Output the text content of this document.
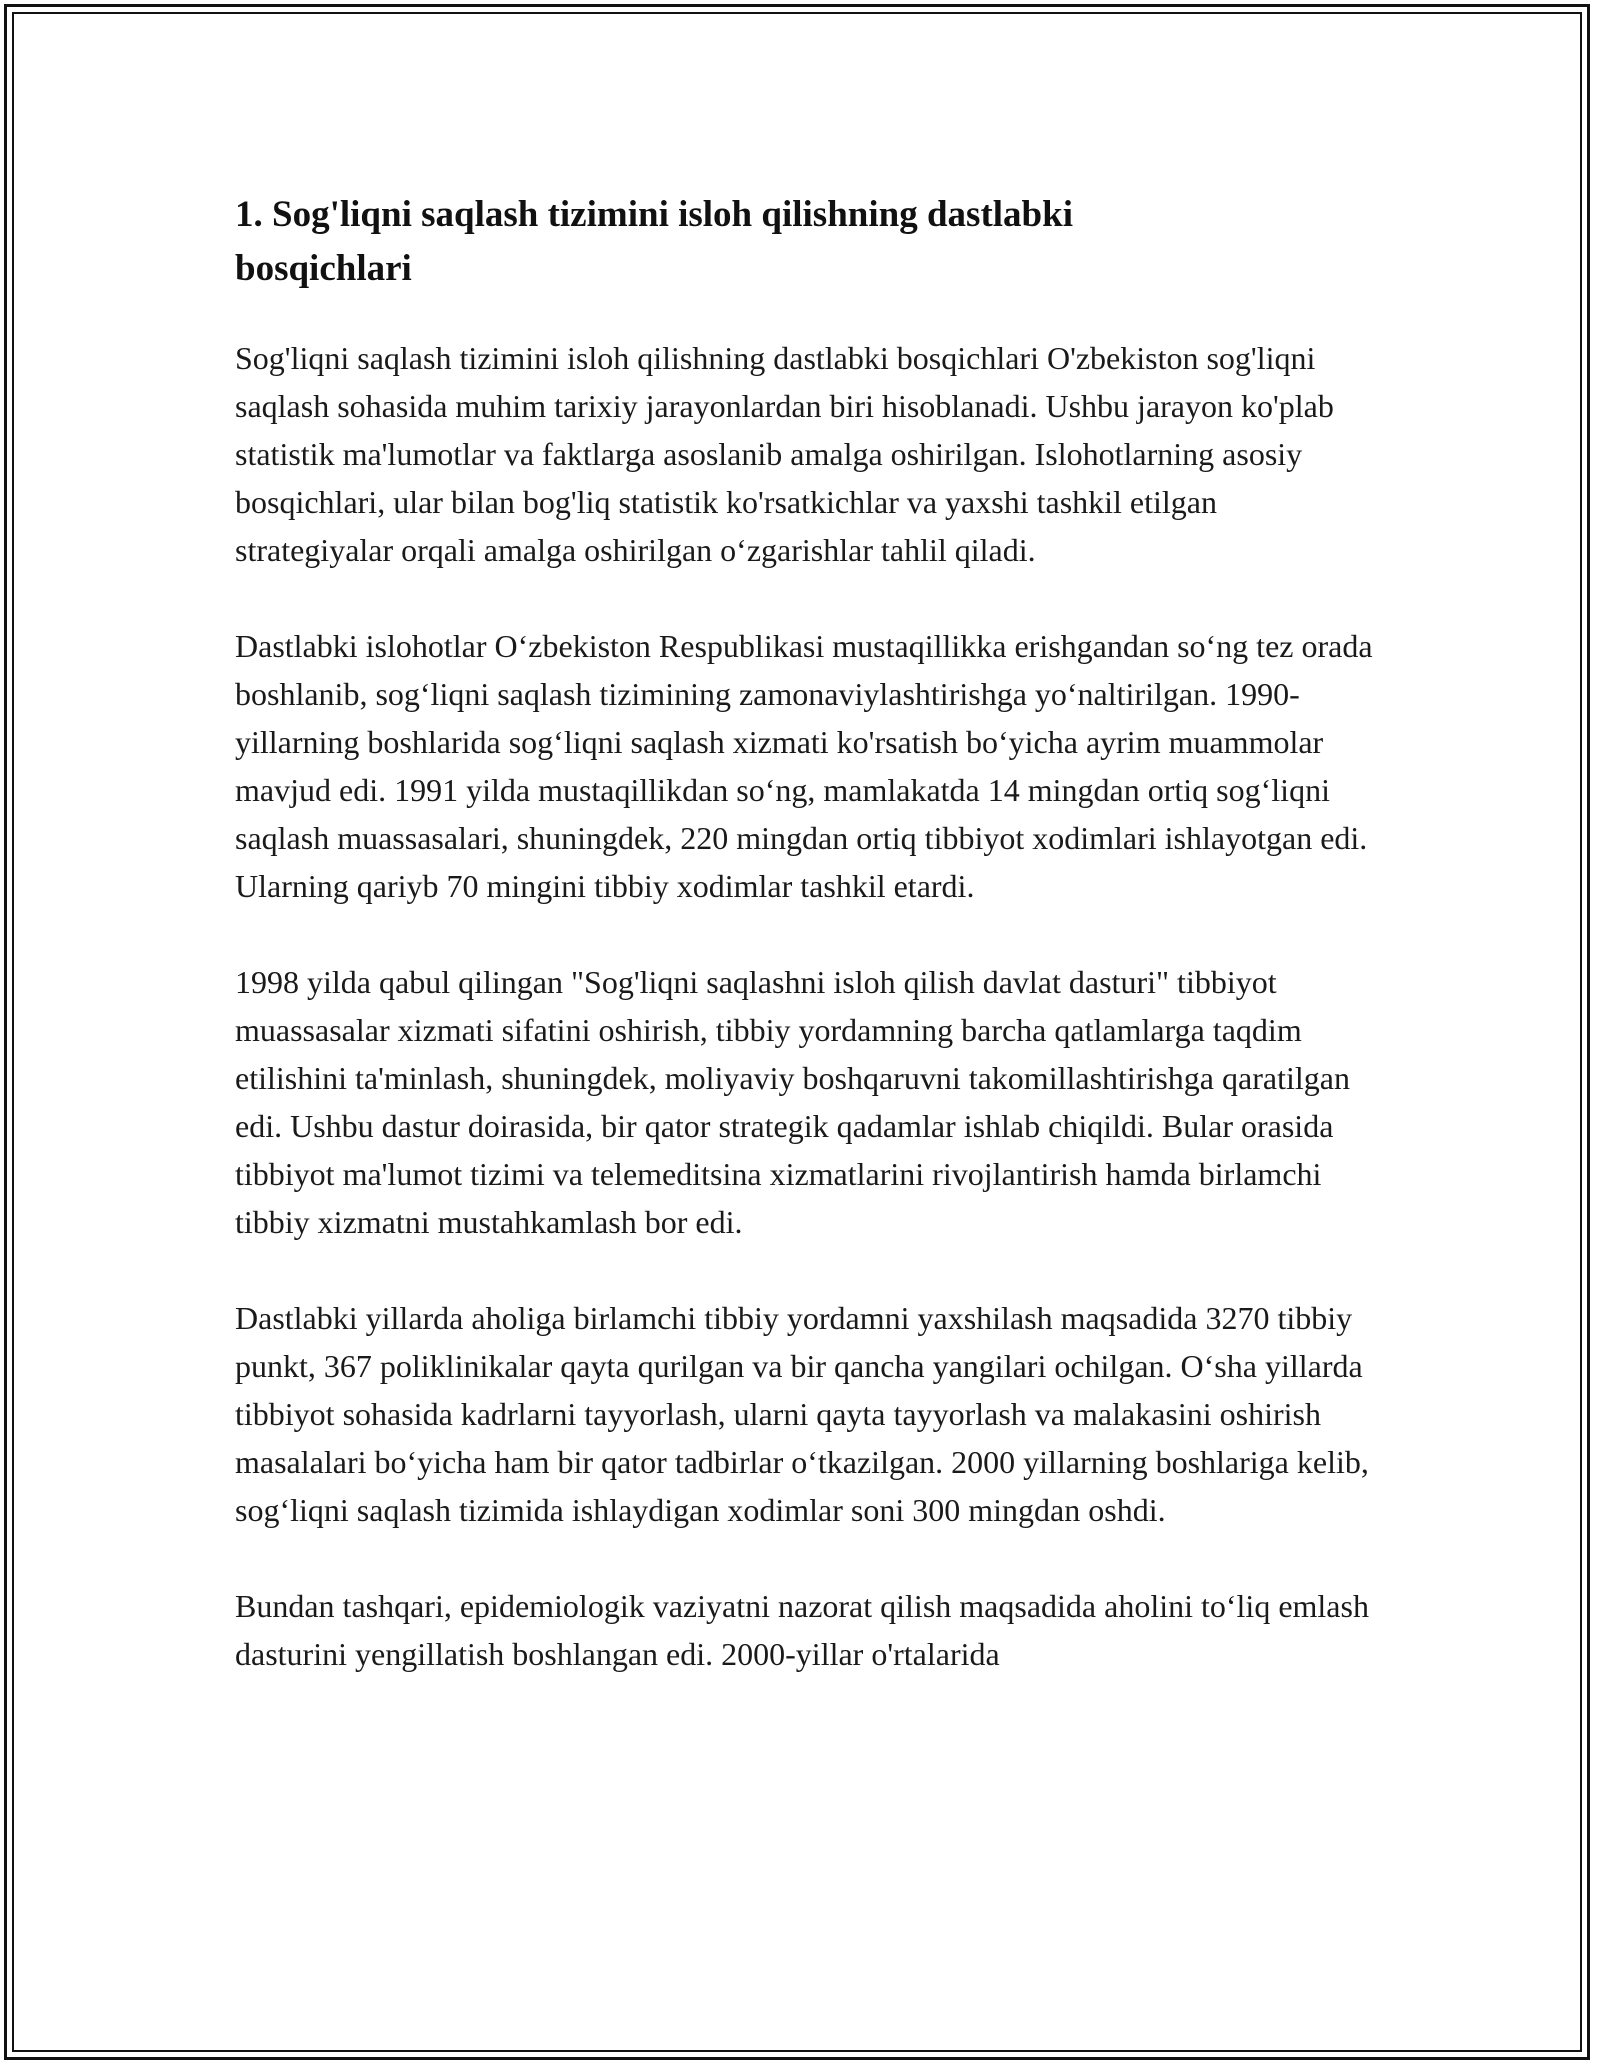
1. Sog'liqni saqlash tizimini isloh qilishning dastlabki bosqichlari

Sog'liqni saqlash tizimini isloh qilishning dastlabki bosqichlari O'zbekiston sog'liqni saqlash sohasida muhim tarixiy jarayonlardan biri hisoblanadi. Ushbu jarayon ko'plab statistik ma'lumotlar va faktlarga asoslanib amalga oshirilgan. Islohotlarning asosiy bosqichlari, ular bilan bog'liq statistik ko'rsatkichlar va yaxshi tashkil etilgan strategiyalar orqali amalga oshirilgan o‘zgarishlar tahlil qiladi.

Dastlabki islohotlar O‘zbekiston Respublikasi mustaqillikka erishgandan so‘ng tez orada boshlanib, sog‘liqni saqlash tizimining zamonaviylashtirishga yo‘naltirilgan. 1990-yillarning boshlarida sog‘liqni saqlash xizmati ko'rsatish bo‘yicha ayrim muammolar mavjud edi. 1991 yilda mustaqillikdan so‘ng, mamlakatda 14 mingdan ortiq sog‘liqni saqlash muassasalari, shuningdek, 220 mingdan ortiq tibbiyot xodimlari ishlayotgan edi. Ularning qariyb 70 mingini tibbiy xodimlar tashkil etardi.

1998 yilda qabul qilingan "Sog'liqni saqlashni isloh qilish davlat dasturi" tibbiyot muassasalar xizmati sifatini oshirish, tibbiy yordamning barcha qatlamlarga taqdim etilishini ta'minlash, shuningdek, moliyaviy boshqaruvni takomillashtirishga qaratilgan edi. Ushbu dastur doirasida, bir qator strategik qadamlar ishlab chiqildi. Bular orasida tibbiyot ma'lumot tizimi va telemeditsina xizmatlarini rivojlantirish hamda birlamchi tibbiy xizmatni mustahkamlash bor edi.

Dastlabki yillarda aholiga birlamchi tibbiy yordamni yaxshilash maqsadida 3270 tibbiy punkt, 367 poliklinikalar qayta qurilgan va bir qancha yangilari ochilgan. O‘sha yillarda tibbiyot sohasida kadrlarni tayyorlash, ularni qayta tayyorlash va malakasini oshirish masalalari bo‘yicha ham bir qator tadbirlar o‘tkazilgan. 2000 yillarning boshlariga kelib, sog‘liqni saqlash tizimida ishlaydigan xodimlar soni 300 mingdan oshdi.

Bundan tashqari, epidemiologik vaziyatni nazorat qilish maqsadida aholini to‘liq emlash dasturini yengillatish boshlangan edi. 2000-yillar o'rtalarida
